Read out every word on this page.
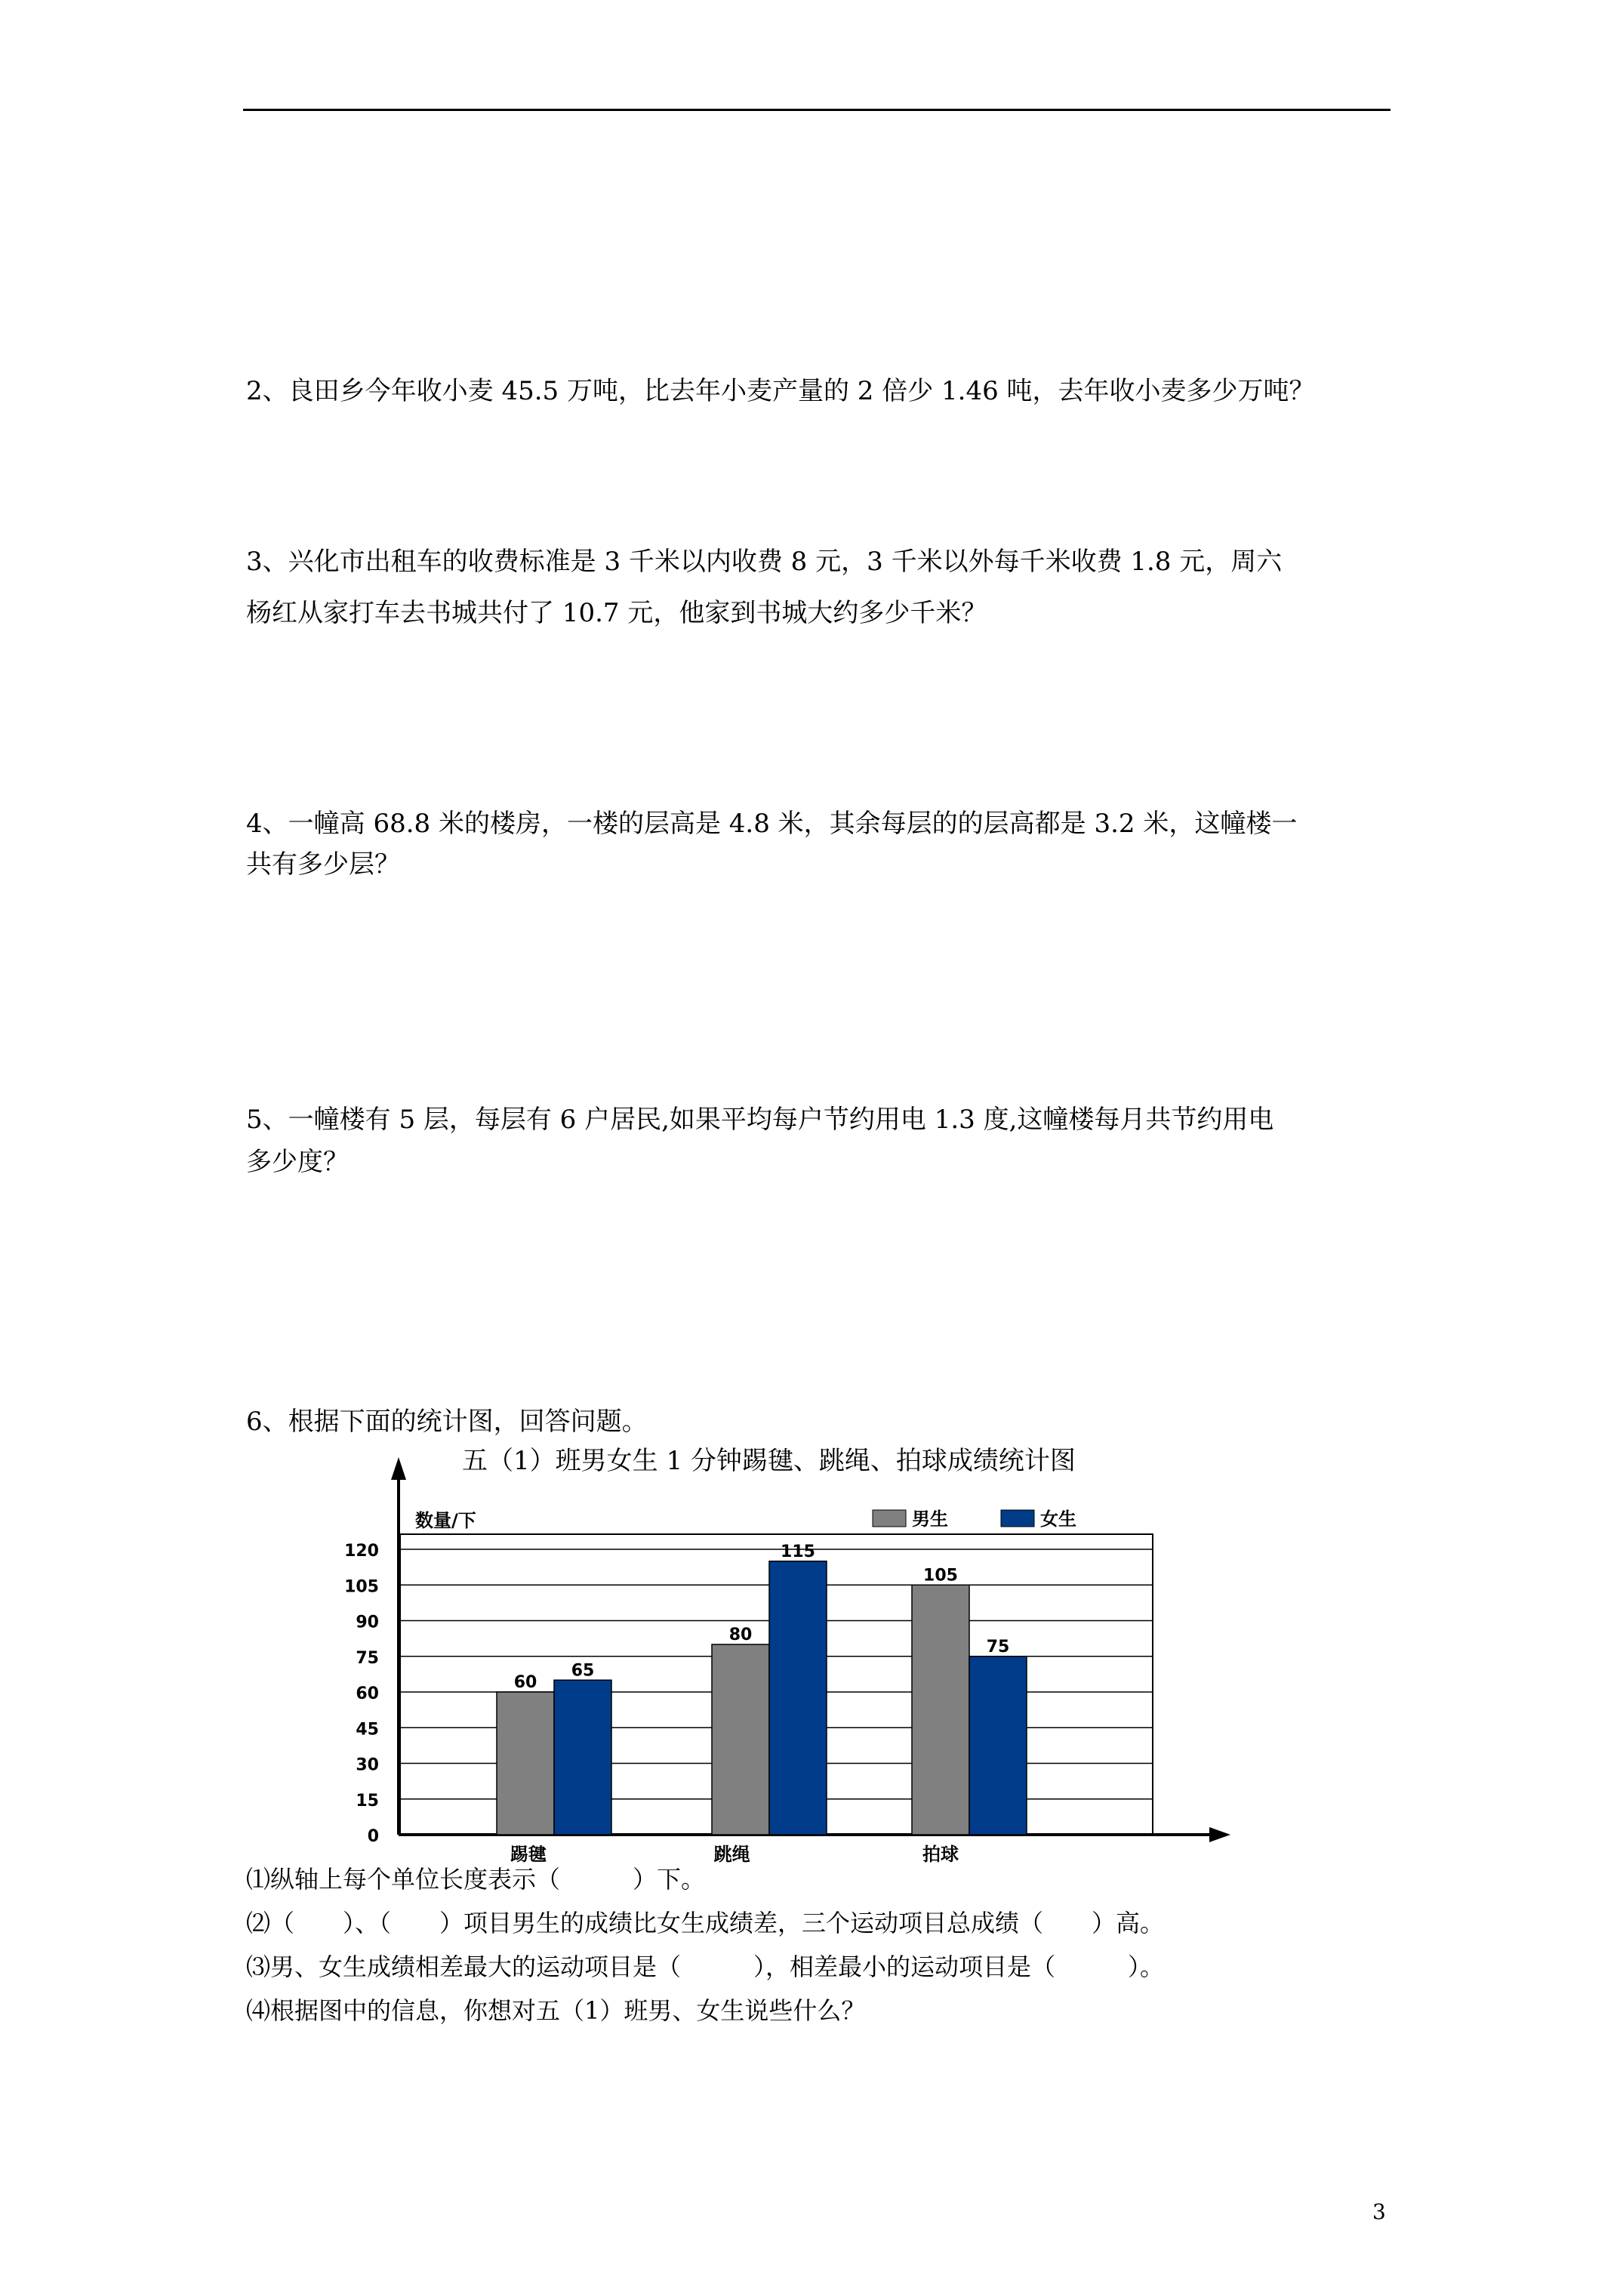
2、良田乡今年收小麦 45.5 万吨，比去年小麦产量的 2 倍少 1.46 吨，去年收小麦多少万吨？
3、兴化市出租车的收费标准是 3 千米以内收费 8 元，3 千米以外每千米收费 1.8 元，周六
杨红从家打车去书城共付了 10.7 元，他家到书城大约多少千米？
4、一幢高 68.8 米的楼房，一楼的层高是 4.8 米，其余每层的的层高都是 3.2 米，这幢楼一
共有多少层？
5、一幢楼有 5 层，每层有 6 户居民,如果平均每户节约用电 1.3 度,这幢楼每月共节约用电
多少度？
6、根据下面的统计图，回答问题。
五（1）班男女生 1 分钟踢毽、跳绳、拍球成绩统计图
0
15
30
45
60
75
90
105
120
数量/下	男生	女生
60
65
踢毽
80
115
跳绳
105
75
拍球
⑴纵轴上每个单位长度表示（　　　）下。
⑵（　　）、（　　）项目男生的成绩比女生成绩差，三个运动项目总成绩（　　）高。
⑶男、女生成绩相差最大的运动项目是（　　　），相差最小的运动项目是（　　　）。
⑷根据图中的信息，你想对五（1）班男、女生说些什么？
3
